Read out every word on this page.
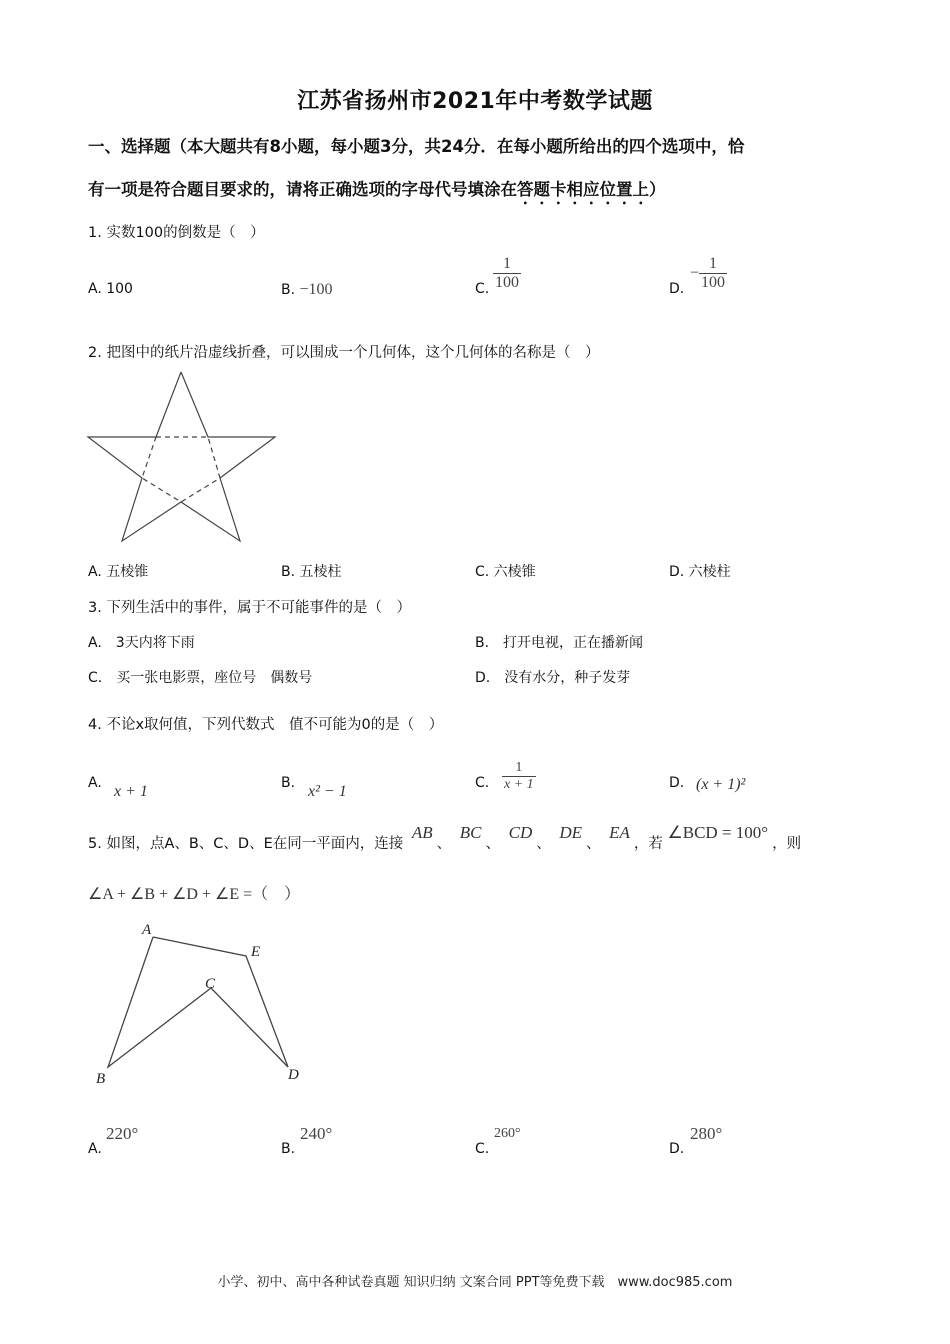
江苏省扬州市2021年中考数学试题
一、选择题（本大题共有8小题，每小题3分，共24分．在每小题所给出的四个选项中，恰
有一项是符合题目要求的，请将正确选项的字母代号填涂在答题卡相应位置上）
1. 实数100的倒数是（　）
A. 100	B. −100	C. $\frac{1}{100}$	D.
− $\frac{1}{100}$
2. 把图中的纸片沿虚线折叠，可以围成一个几何体，这个几何体的名称是（　）
A. 五棱锥	B. 五棱柱	C. 六棱锥	D. 六棱柱
3. 下列生活中的事件，属于不可能事件的是（　）
A.　3天内将下雨	B.　打开电视，正在播新闻
C.　买一张电影票，座位号　偶数号	D.　没有水分，种子发芽
4. 不论x取何值，下列代数式　值不可能为0的是（　）
A. x + 1	B. x² − 1	C. $\frac{1}{x + 1}$	D. (x + 1)²
5. 如图，点A、B、C、D、E在同一平面内，连接 AB、 BC、 CD、 DE、 EA，若 ∠BCD = 100°，则
∠A + ∠B + ∠D + ∠E =（　）
A
E
C
B	D
A.
220°
B.
240°
C.
260°
D.
280°
小学、初中、高中各种试卷真题 知识归纳 文案合同 PPT等免费下载　www.doc985.com
